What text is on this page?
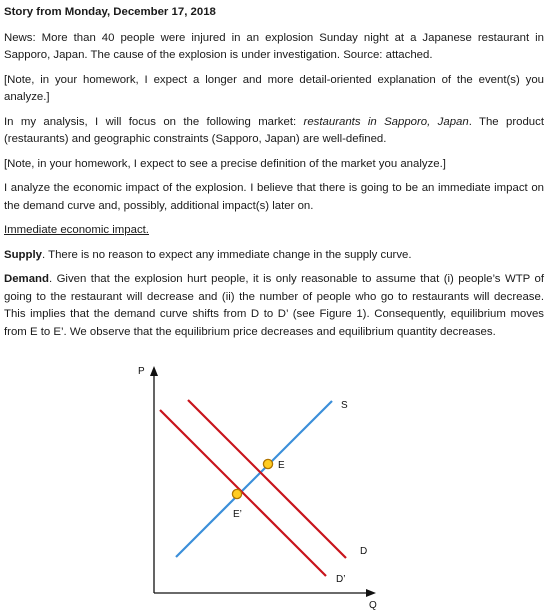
Story from Monday, December 17, 2018

News: More than 40 people were injured in an explosion Sunday night at a Japanese restaurant in Sapporo, Japan. The cause of the explosion is under investigation. Source: attached.

[Note, in your homework, I expect a longer and more detail-oriented explanation of the event(s) you analyze.]

In my analysis, I will focus on the following market: restaurants in Sapporo, Japan. The product (restaurants) and geographic constraints (Sapporo, Japan) are well-defined.

[Note, in your homework, I expect to see a precise definition of the market you analyze.]

I analyze the economic impact of the explosion. I believe that there is going to be an immediate impact on the demand curve and, possibly, additional impact(s) later on.

Immediate economic impact.

Supply. There is no reason to expect any immediate change in the supply curve.

Demand. Given that the explosion hurt people, it is only reasonable to assume that (i) people’s WTP of going to the restaurant will decrease and (ii) the number of people who go to restaurants will decrease. This implies that the demand curve shifts from D to D’ (see Figure 1). Consequently, equilibrium moves from E to E’. We observe that the equilibrium price decreases and equilibrium quantity decreases.

P
Q
S
D
D’
E
E’
